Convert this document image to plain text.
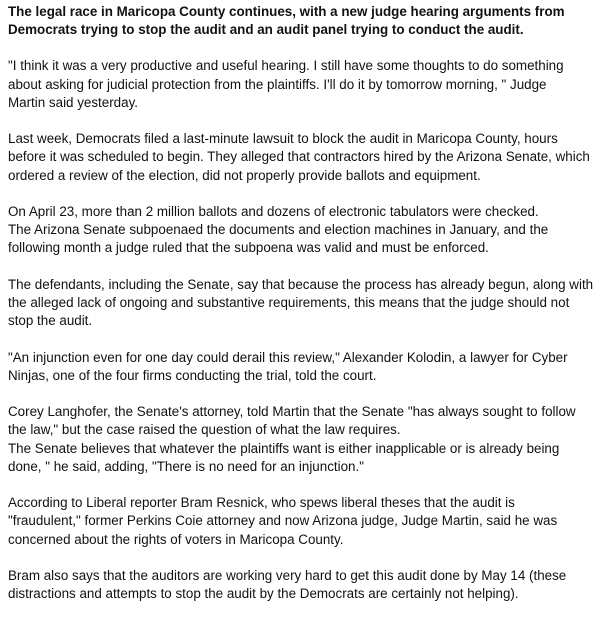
The legal race in Maricopa County continues, with a new judge hearing arguments from
Democrats trying to stop the audit and an audit panel trying to conduct the audit.
"I think it was a very productive and useful hearing. I still have some thoughts to do something
about asking for judicial protection from the plaintiffs. I'll do it by tomorrow morning, " Judge
Martin said yesterday.
Last week, Democrats filed a last-minute lawsuit to block the audit in Maricopa County, hours
before it was scheduled to begin. They alleged that contractors hired by the Arizona Senate, which
ordered a review of the election, did not properly provide ballots and equipment.
On April 23, more than 2 million ballots and dozens of electronic tabulators were checked.
The Arizona Senate subpoenaed the documents and election machines in January, and the
following month a judge ruled that the subpoena was valid and must be enforced.
The defendants, including the Senate, say that because the process has already begun, along with
the alleged lack of ongoing and substantive requirements, this means that the judge should not
stop the audit.
"An injunction even for one day could derail this review," Alexander Kolodin, a lawyer for Cyber
Ninjas, one of the four firms conducting the trial, told the court.
Corey Langhofer, the Senate's attorney, told Martin that the Senate "has always sought to follow
the law," but the case raised the question of what the law requires.
The Senate believes that whatever the plaintiffs want is either inapplicable or is already being
done, " he said, adding, "There is no need for an injunction."
According to Liberal reporter Bram Resnick, who spews liberal theses that the audit is
"fraudulent," former Perkins Coie attorney and now Arizona judge, Judge Martin, said he was
concerned about the rights of voters in Maricopa County.
Bram also says that the auditors are working very hard to get this audit done by May 14 (these
distractions and attempts to stop the audit by the Democrats are certainly not helping).
